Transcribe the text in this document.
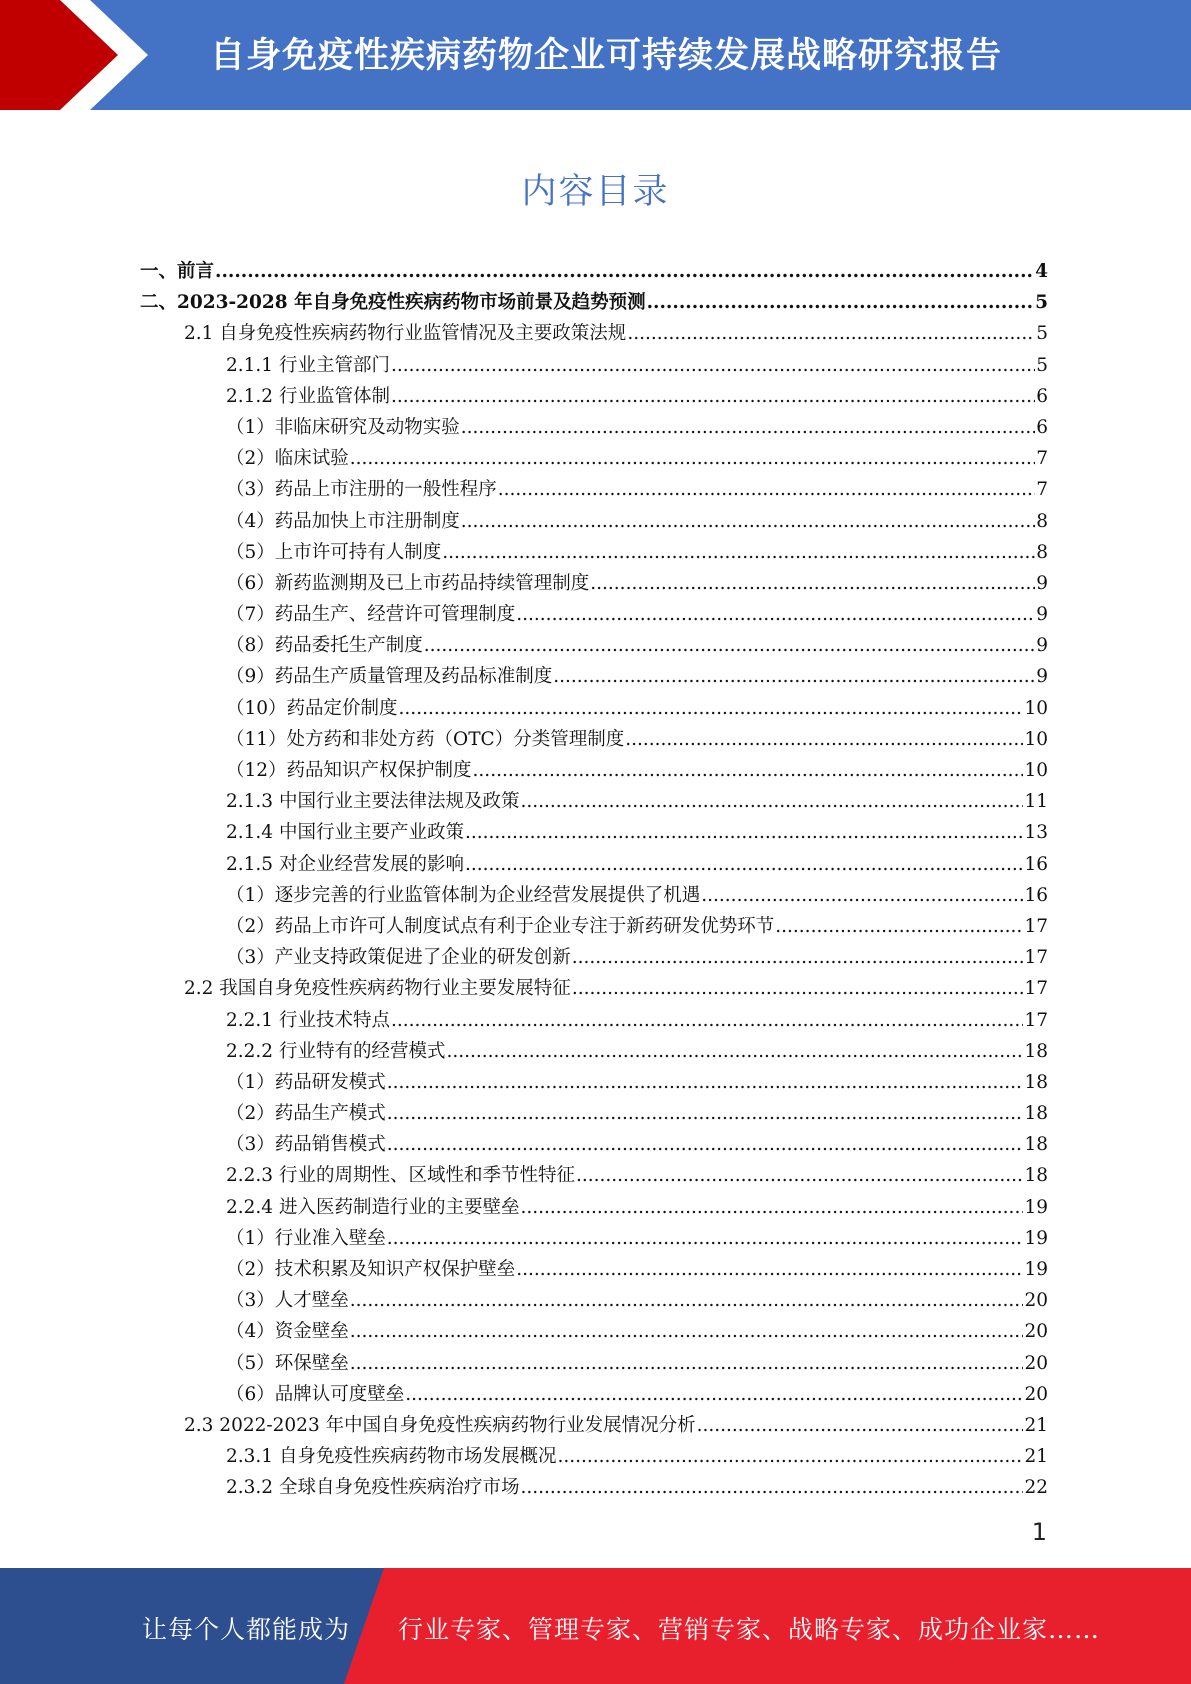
自身免疫性疾病药物企业可持续发展战略研究报告
内容目录
一、前言 .....	4
二、2023-2028 年自身免疫性疾病药物市场前景及趋势预测 .....	5
2.1 自身免疫性疾病药物行业监管情况及主要政策法规 .....	5
2.1.1 行业主管部门 .....	5
2.1.2 行业监管体制 .....	6
（1）非临床研究及动物实验 .....	6
（2）临床试验 .....	7
（3）药品上市注册的一般性程序 .....	7
（4）药品加快上市注册制度 .....	8
（5）上市许可持有人制度 .....	8
（6）新药监测期及已上市药品持续管理制度 .....	9
（7）药品生产、经营许可管理制度 .....	9
（8）药品委托生产制度 .....	9
（9）药品生产质量管理及药品标准制度 .....	9
（10）药品定价制度 .....	10
（11）处方药和非处方药（OTC）分类管理制度 .....	10
（12）药品知识产权保护制度 .....	10
2.1.3 中国行业主要法律法规及政策 .....	11
2.1.4 中国行业主要产业政策 .....	13
2.1.5 对企业经营发展的影响 .....	16
（1）逐步完善的行业监管体制为企业经营发展提供了机遇 .....	16
（2）药品上市许可人制度试点有利于企业专注于新药研发优势环节 .....	17
（3）产业支持政策促进了企业的研发创新 .....	17
2.2 我国自身免疫性疾病药物行业主要发展特征 .....	17
2.2.1 行业技术特点 .....	17
2.2.2 行业特有的经营模式 .....	18
（1）药品研发模式 .....	18
（2）药品生产模式 .....	18
（3）药品销售模式 .....	18
2.2.3 行业的周期性、区域性和季节性特征 .....	18
2.2.4 进入医药制造行业的主要壁垒 .....	19
（1）行业准入壁垒 .....	19
（2）技术积累及知识产权保护壁垒 .....	19
（3）人才壁垒 .....	20
（4）资金壁垒 .....	20
（5）环保壁垒 .....	20
（6）品牌认可度壁垒 .....	20
2.3 2022-2023 年中国自身免疫性疾病药物行业发展情况分析 .....	21
2.3.1 自身免疫性疾病药物市场发展概况 .....	21
2.3.2 全球自身免疫性疾病治疗市场 .....	22
1
让每个人都能成为 行业专家、管理专家、营销专家、战略专家、成功企业家……
